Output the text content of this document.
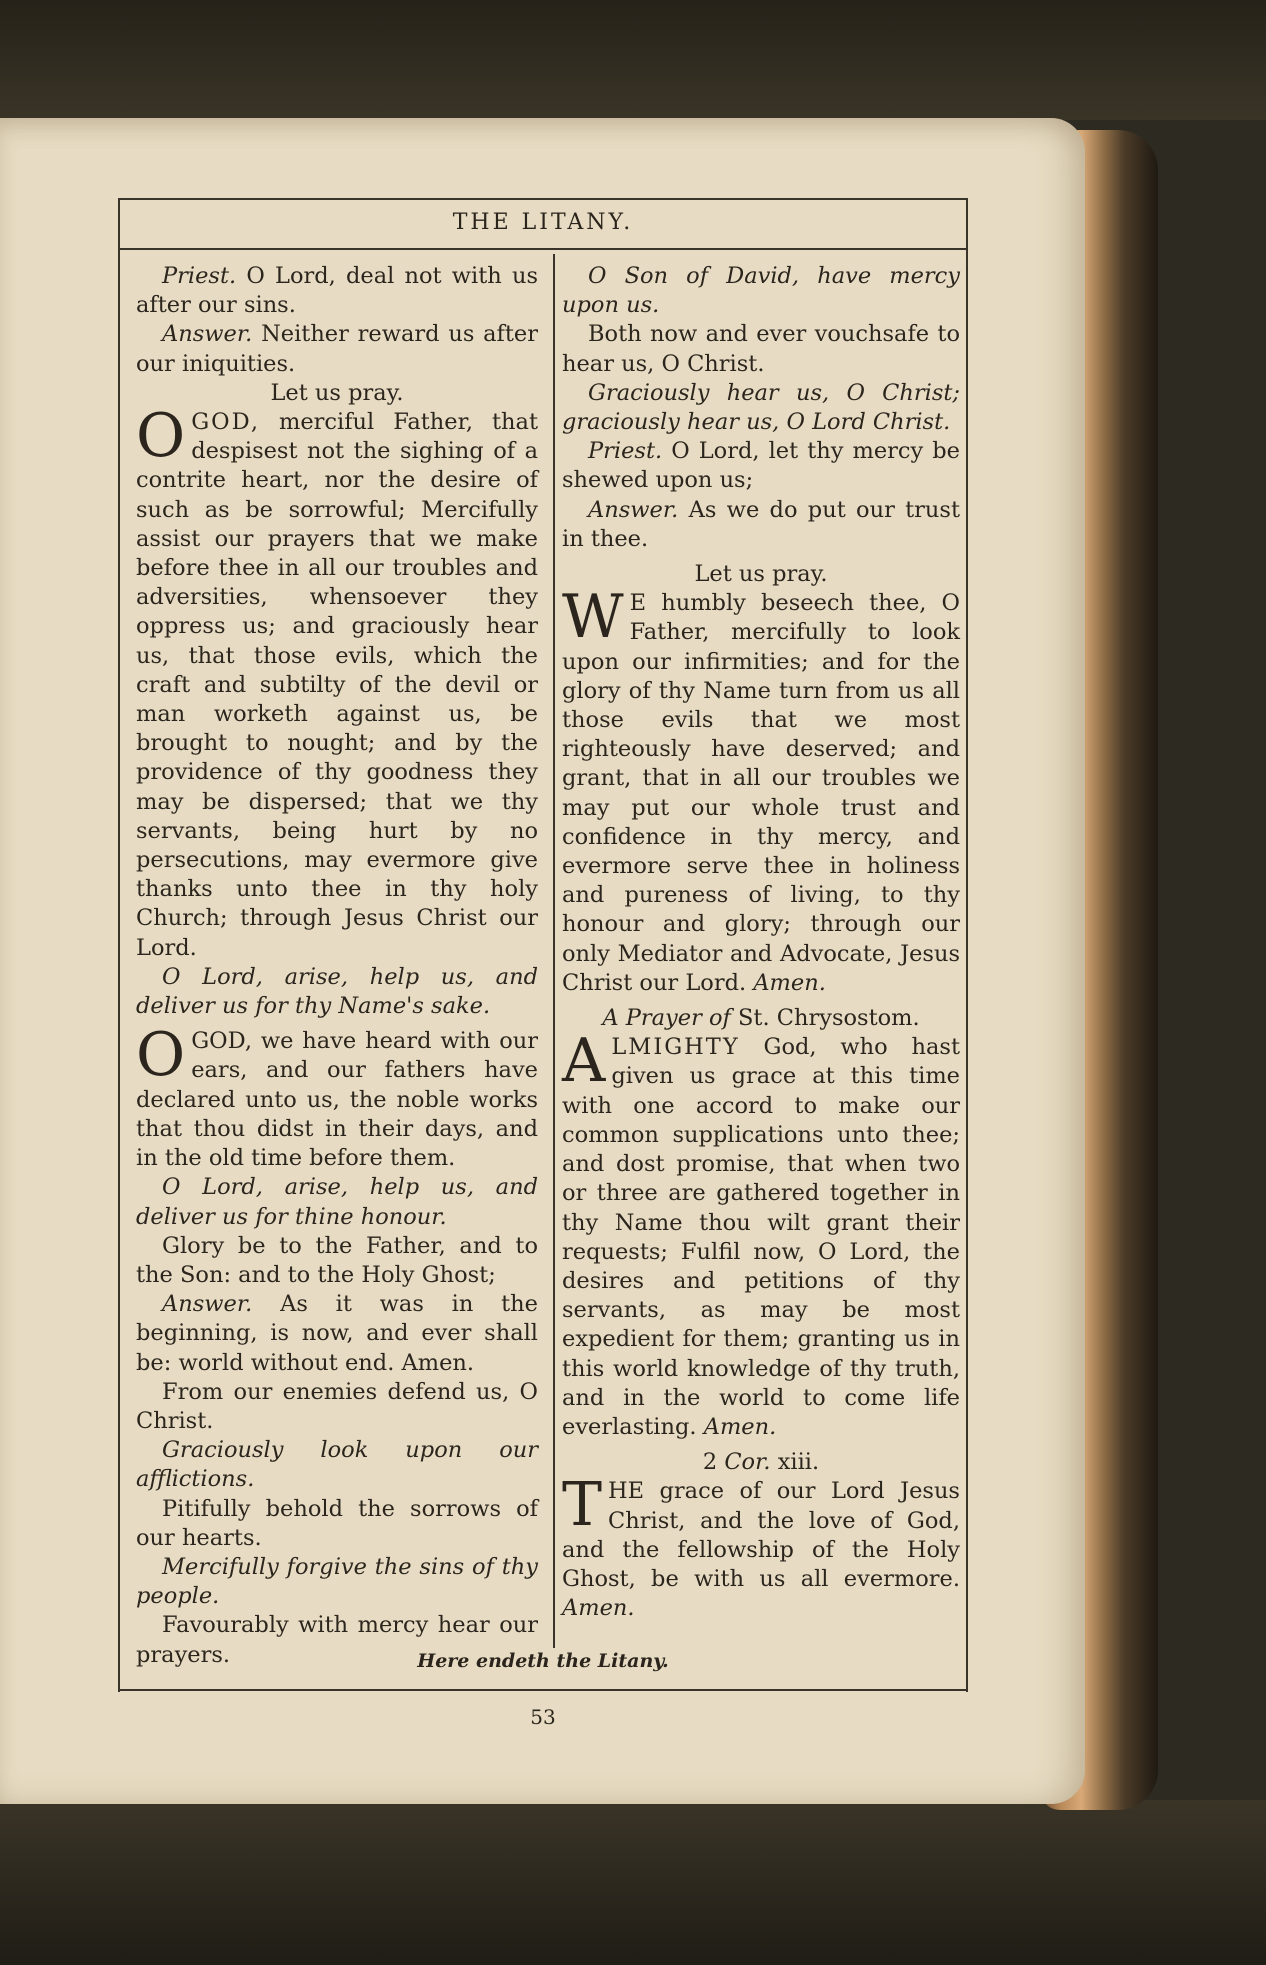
THE LITANY.

Priest. O Lord, deal not with us after our sins.

Answer. Neither reward us after our iniquities.

Let us pray.

O GOD, merciful Father, that despisest not the sighing of a contrite heart, nor the desire of such as be sorrowful; Mercifully assist our prayers that we make before thee in all our troubles and adversities, whensoever they oppress us; and graciously hear us, that those evils, which the craft and subtilty of the devil or man worketh against us, be brought to nought; and by the providence of thy goodness they may be dispersed; that we thy servants, being hurt by no persecutions, may evermore give thanks unto thee in thy holy Church; through Jesus Christ our Lord.

O Lord, arise, help us, and deliver us for thy Name's sake.

O GOD, we have heard with our ears, and our fathers have declared unto us, the noble works that thou didst in their days, and in the old time before them.

O Lord, arise, help us, and deliver us for thine honour.

Glory be to the Father, and to the Son: and to the Holy Ghost;

Answer. As it was in the beginning, is now, and ever shall be: world without end. Amen.

From our enemies defend us, O Christ.

Graciously look upon our afflictions.

Pitifully behold the sorrows of our hearts.

Mercifully forgive the sins of thy people.

Favourably with mercy hear our prayers.

O Son of David, have mercy upon us.

Both now and ever vouchsafe to hear us, O Christ.

Graciously hear us, O Christ; graciously hear us, O Lord Christ.

Priest. O Lord, let thy mercy be shewed upon us;

Answer. As we do put our trust in thee.

Let us pray.

W E humbly beseech thee, O Father, mercifully to look upon our infirmities; and for the glory of thy Name turn from us all those evils that we most righteously have deserved; and grant, that in all our troubles we may put our whole trust and confidence in thy mercy, and evermore serve thee in holiness and pureness of living, to thy honour and glory; through our only Mediator and Advocate, Jesus Christ our Lord. Amen.

A Prayer of St. Chrysostom.

A LMIGHTY God, who hast given us grace at this time with one accord to make our common supplications unto thee; and dost promise, that when two or three are gathered together in thy Name thou wilt grant their requests; Fulfil now, O Lord, the desires and petitions of thy servants, as may be most expedient for them; granting us in this world knowledge of thy truth, and in the world to come life everlasting. Amen.

2 Cor. xiii.

T HE grace of our Lord Jesus Christ, and the love of God, and the fellowship of the Holy Ghost, be with us all evermore. Amen.

Here endeth the Litany.
53
